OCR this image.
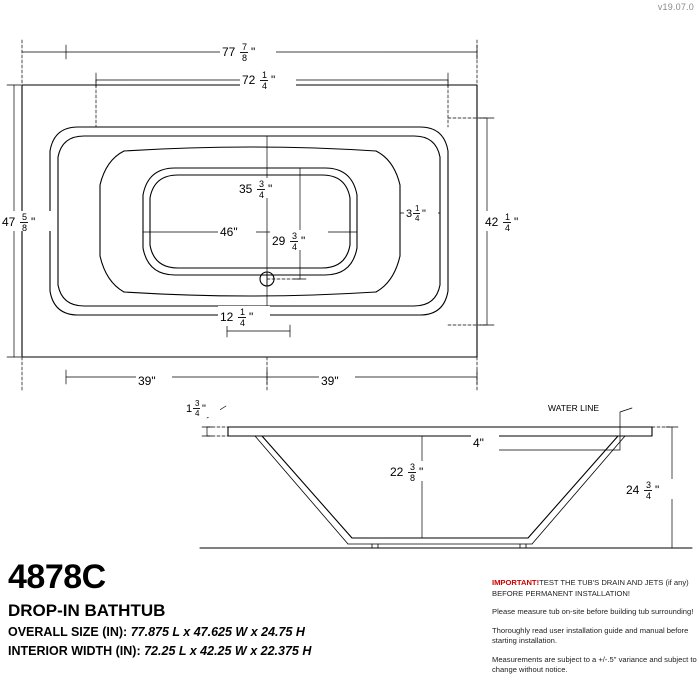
v19.07.0
77 7
8 "
72 1
4 "
47 5
8 "	42 1
4 "
35 3
4 "
29 3
4 "
46"
3 1
4 "
12 1
4 "
39"	39"
1 3
4 "
4"
22 3
8 "
24 3
4 "
WATER LINE
4878C
DROP-IN BATHTUB
OVERALL SIZE (IN): 77.875 L x 47.625 W x 24.75 H
INTERIOR WIDTH (IN): 72.25 L x 42.25 W x 22.375 H

IMPORTANT!TEST THE TUB'S DRAIN AND JETS (if any) BEFORE PERMANENT INSTALLATION!

Please measure tub on-site before building tub surrounding!

Thoroughly read user installation guide and manual before starting installation.

Measurements are subject to a +/-.5" variance and subject to change without notice.
